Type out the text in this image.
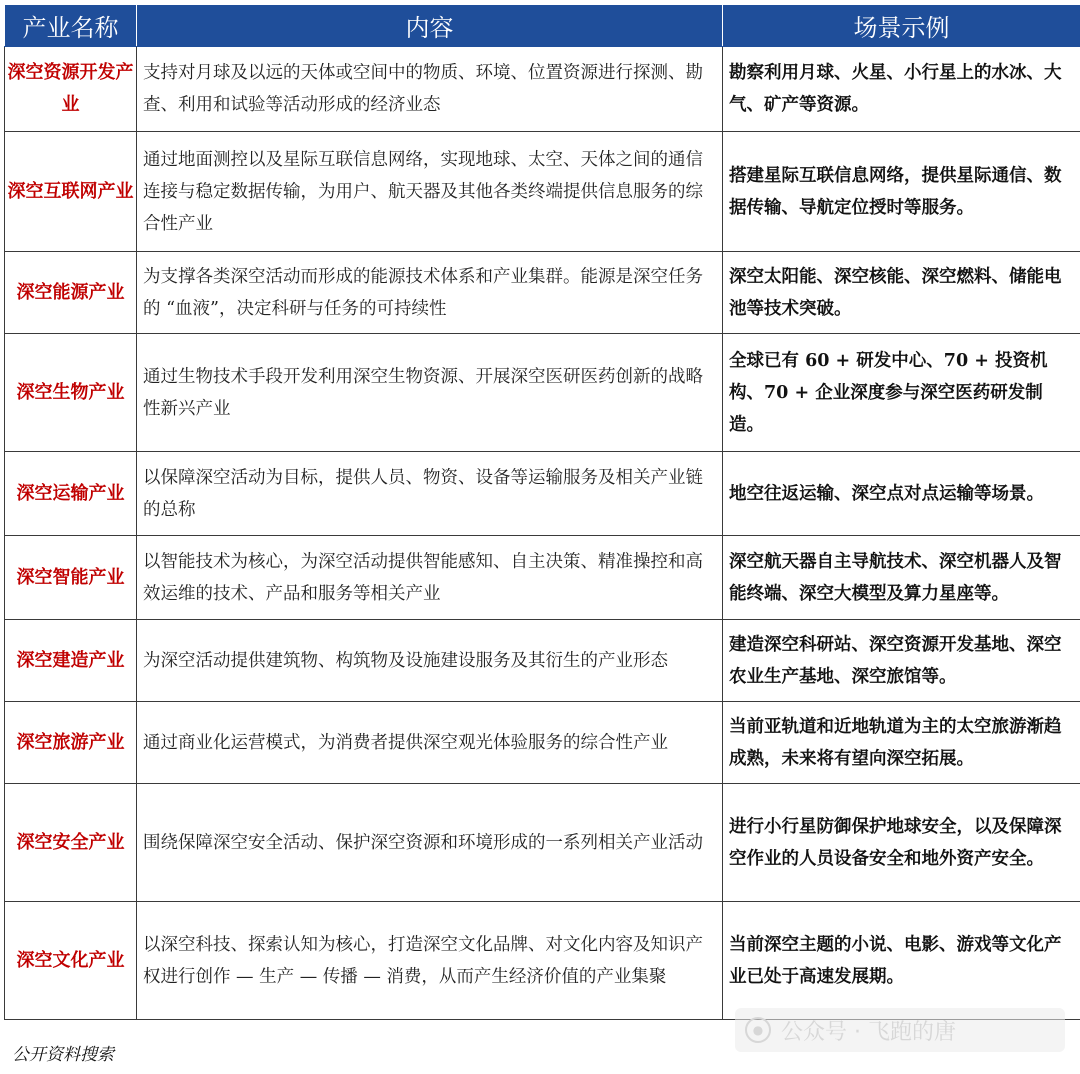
产业名称	内容	场景示例
深空资源开发产业	支持对月球及以远的天体或空间中的物质、环境、位置资源进行探测、勘查、利用和试验等活动形成的经济业态	勘察利用月球、火星、小行星上的水冰、大气、矿产等资源。
深空互联网产业	通过地面测控以及星际互联信息网络，实现地球、太空、天体之间的通信连接与稳定数据传输，为用户、航天器及其他各类终端提供信息服务的综合性产业	搭建星际互联信息网络，提供星际通信、数据传输、导航定位授时等服务。
深空能源产业	为支撑各类深空活动而形成的能源技术体系和产业集群。能源是深空任务的 “血液”，决定科研与任务的可持续性	深空太阳能、深空核能、深空燃料、储能电池等技术突破。
深空生物产业	通过生物技术手段开发利用深空生物资源、开展深空医研医药创新的战略性新兴产业	全球已有 60 + 研发中心、70 + 投资机构、70 + 企业深度参与深空医药研发制造。
深空运输产业	以保障深空活动为目标，提供人员、物资、设备等运输服务及相关产业链的总称	地空往返运输、深空点对点运输等场景。
深空智能产业	以智能技术为核心，为深空活动提供智能感知、自主决策、精准操控和高效运维的技术、产品和服务等相关产业	深空航天器自主导航技术、深空机器人及智能终端、深空大模型及算力星座等。
深空建造产业	为深空活动提供建筑物、构筑物及设施建设服务及其衍生的产业形态	建造深空科研站、深空资源开发基地、深空农业生产基地、深空旅馆等。
深空旅游产业	通过商业化运营模式，为消费者提供深空观光体验服务的综合性产业	当前亚轨道和近地轨道为主的太空旅游渐趋成熟，未来将有望向深空拓展。
深空安全产业	围绕保障深空安全活动、保护深空资源和环境形成的一系列相关产业活动	进行小行星防御保护地球安全，以及保障深空作业的人员设备安全和地外资产安全。
深空文化产业	以深空科技、探索认知为核心，打造深空文化品牌、对文化内容及知识产权进行创作 — 生产 — 传播 — 消费，从而产生经济价值的产业集聚	当前深空主题的小说、电影、游戏等文化产业已处于高速发展期。
公开资料搜索
● 公众号 · 飞跑的唐
